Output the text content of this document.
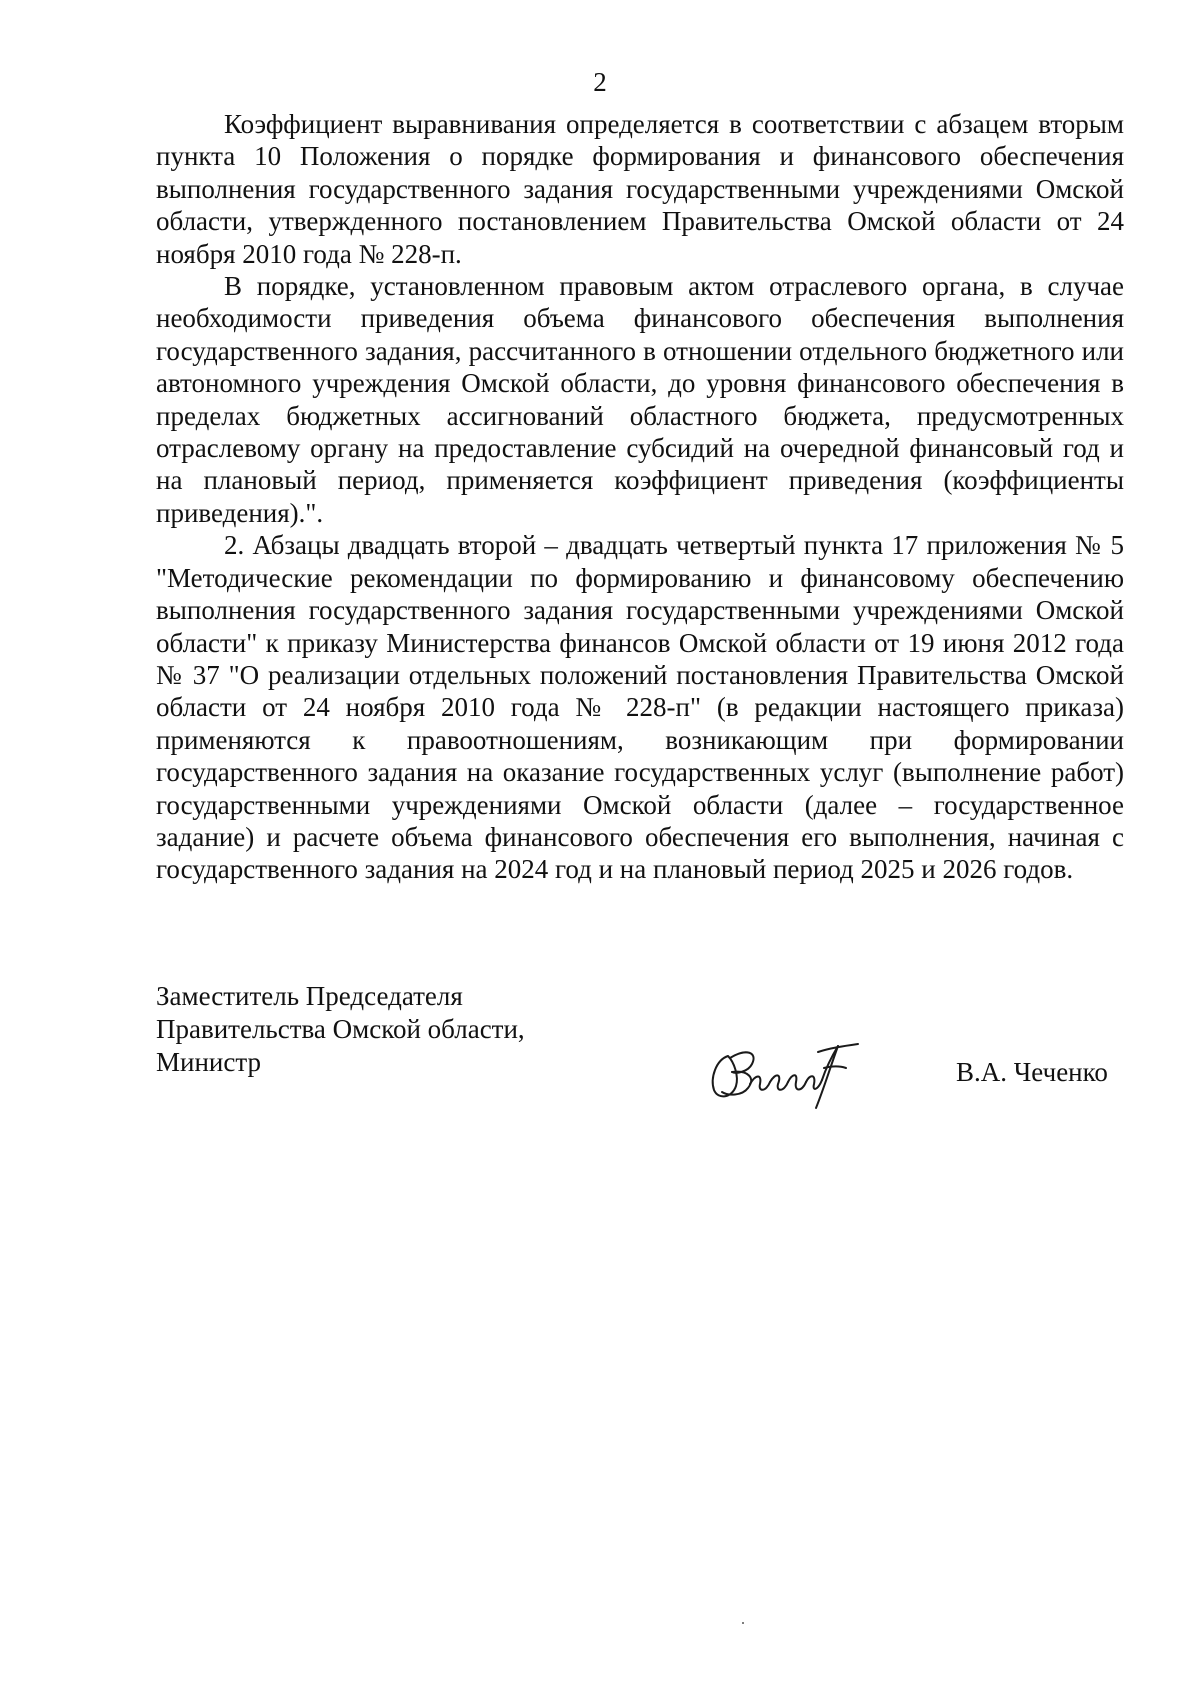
2

Коэффициент выравнивания определяется в соответствии с абзацем вторым пункта 10 Положения о порядке формирования и финансового обеспечения выполнения государственного задания государственными учреждениями Омской области, утвержденного постановлением Правительства Омской области от 24 ноября 2010 года № 228-п.

В порядке, установленном правовым актом отраслевого органа, в случае необходимости приведения объема финансового обеспечения выполнения государственного задания, рассчитанного в отношении отдельного бюджетного или автономного учреждения Омской области, до уровня финансового обеспечения в пределах бюджетных ассигнований областного бюджета, предусмотренных отраслевому органу на предоставление субсидий на очередной финансовый год и на плановый период, применяется коэффициент приведения (коэффициенты приведения).".

2. Абзацы двадцать второй – двадцать четвертый пункта 17 приложения № 5 "Методические рекомендации по формированию и финансовому обеспечению выполнения государственного задания государственными учреждениями Омской области" к приказу Министерства финансов Омской области от 19 июня 2012 года № 37 "О реализации отдельных положений постановления Правительства Омской области от 24 ноября 2010 года № 228-п" (в редакции настоящего приказа) применяются к правоотношениям, возникающим при формировании государственного задания на оказание государственных услуг (выполнение работ) государственными учреждениями Омской области (далее – государственное задание) и расчете объема финансового обеспечения его выполнения, начиная с государственного задания на 2024 год и на плановый период 2025 и 2026 годов.

Заместитель Председателя
Правительства Омской области,
Министр	В.А. Чеченко
